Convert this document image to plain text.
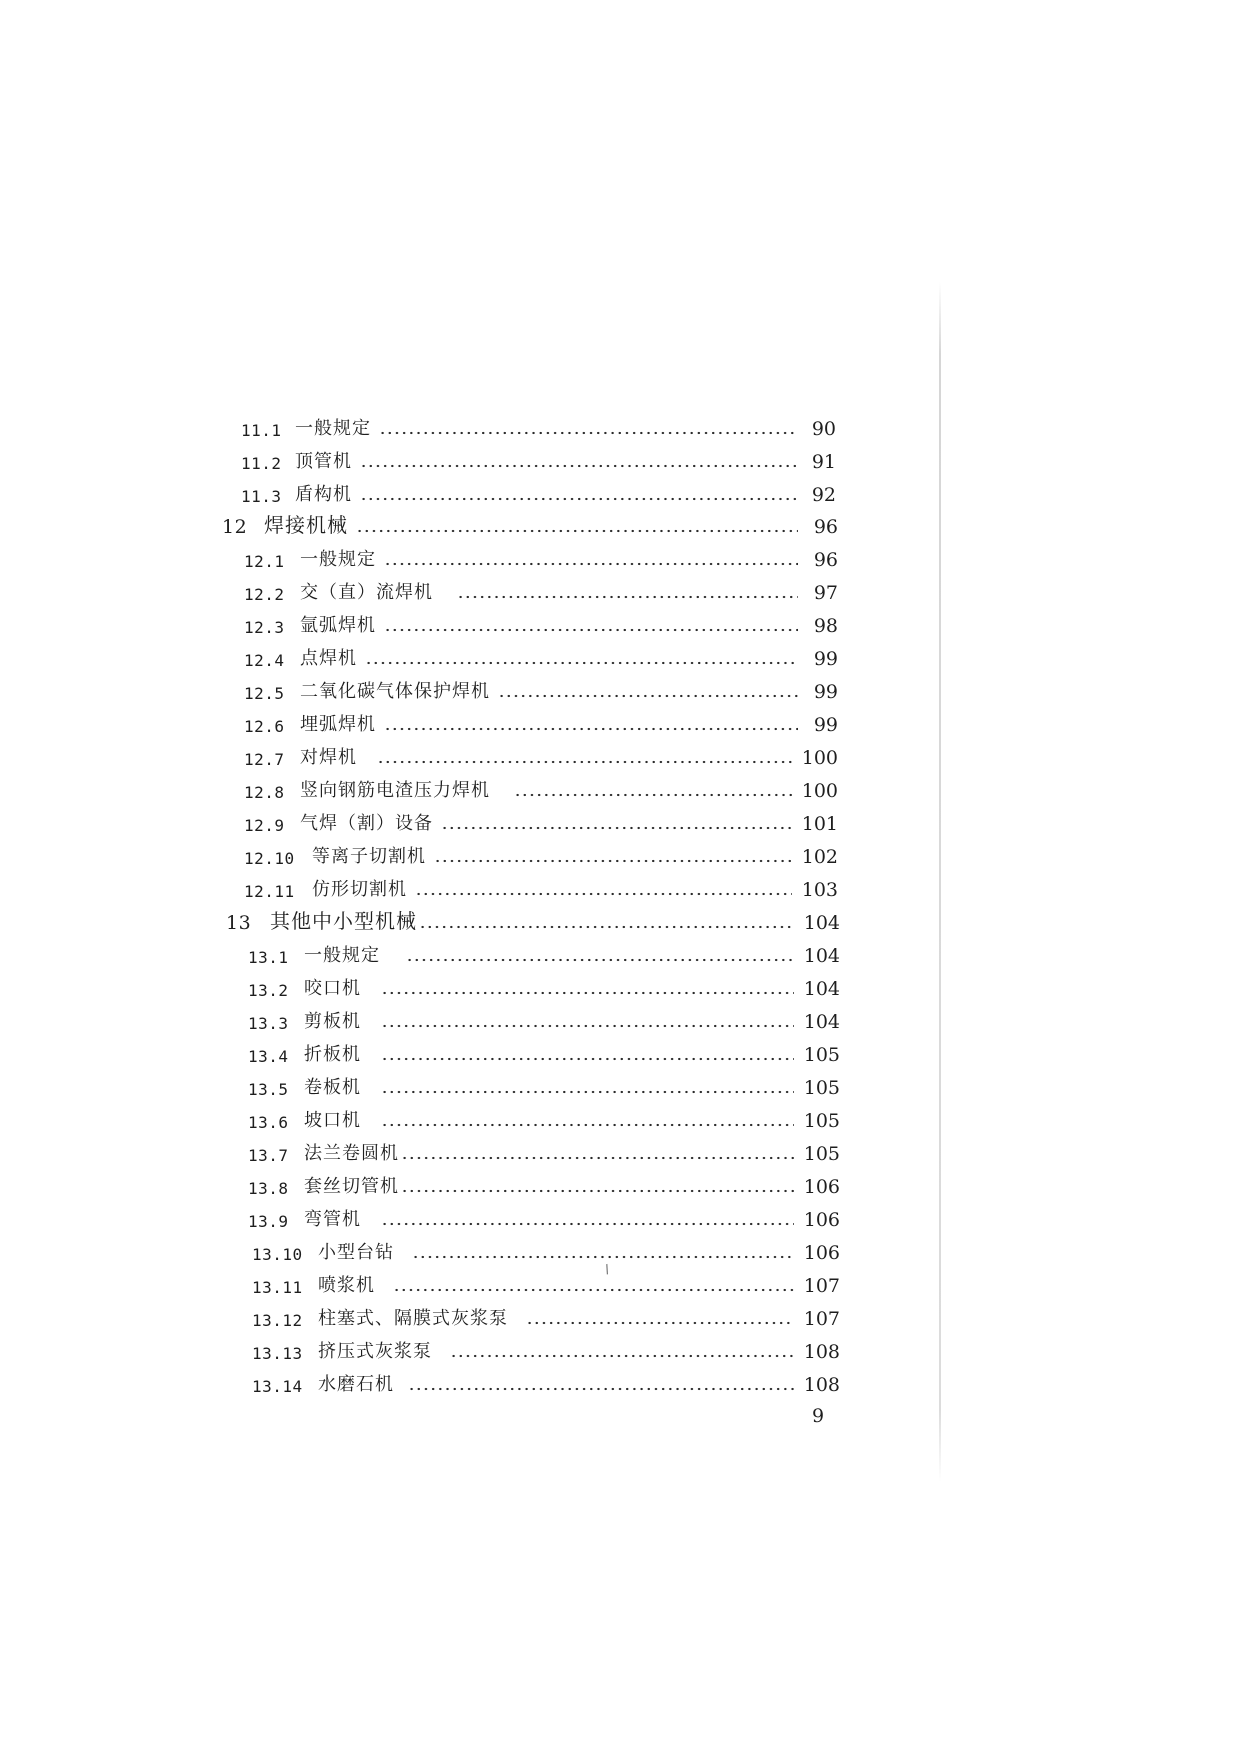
11.1 一般规定	90
11.2 顶管机	91
11.3 盾构机	92
12 焊接机械	96
12.1 一般规定	96
12.2 交（直）流焊机	97
12.3 氩弧焊机	98
12.4 点焊机	99
12.5 二氧化碳气体保护焊机	99
12.6 埋弧焊机	99
12.7 对焊机	100
12.8 竖向钢筋电渣压力焊机	100
12.9 气焊（割）设备	101
12.10 等离子切割机	102
12.11 仿形切割机	103
13 其他中小型机械	104
13.1 一般规定	104
13.2 咬口机	104
13.3 剪板机	104
13.4 折板机	105
13.5 卷板机	105
13.6 坡口机	105
13.7 法兰卷圆机	105
13.8 套丝切管机	106
13.9 弯管机	106
13.10 小型台钻	106
13.11 喷浆机	107
13.12 柱塞式、隔膜式灰浆泵	107
13.13 挤压式灰浆泵	108
13.14 水磨石机	108
/
9
